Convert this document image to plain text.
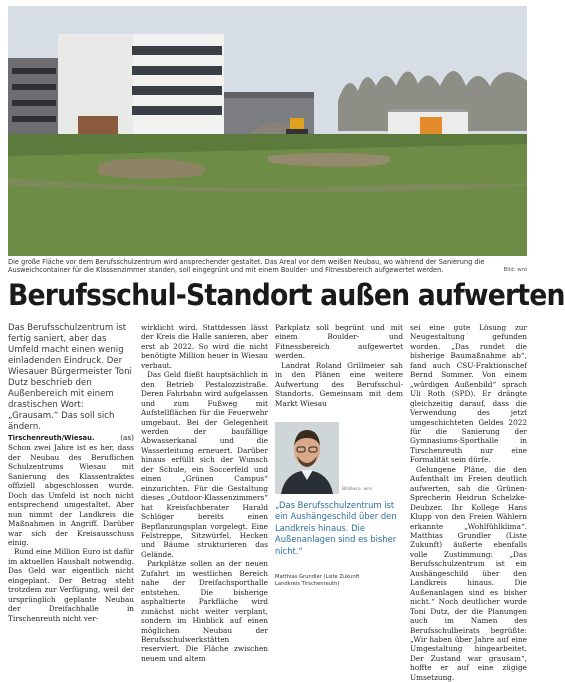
Die große Fläche vor dem Berufsschulzentrum wird ansprechender gestaltet. Das Areal vor dem weißen Neubau, wo während der Sanierung die Ausweichcontainer für die Klassenzimmer standen, soll eingegrünt und mit einem Boulder- und Fitnessbereich aufgewertet werden.	Bild: wro
Berufsschul-Standort außen aufwerten

Das Berufsschulzentrum ist fertig saniert, aber das Umfeld macht einen wenig einladenden Eindruck. Der Wiesauer Bürgermeister Toni Dutz beschrieb den Außenbereich mit einem drastischen Wort: „Grausam.“ Das soll sich ändern.

Tirschenreuth/Wiesau.	(as) Schon zwei Jahre ist es her, dass der Neubau des Beruflichen Schulzentrums Wiesau mit Sanierung des Klassentraktes offiziell abgeschlossen wurde. Doch das Umfeld ist noch nicht entsprechend umgestaltet. Aber nun nimmt der Landkreis die Maßnahmen in Angriff. Darüber war sich der Kreisausschuss einig.

Rund eine Million Euro ist dafür im aktuellen Haushalt notwendig. Das Geld war eigentlich nicht eingeplant. Der Betrag steht trotzdem zur Verfügung, weil der ursprünglich geplante Neubau der Dreifachhalle in Tirschenreuth nicht ver-

wirklicht wird. Stattdessen lässt der Kreis die Halle sanieren, aber erst ab 2022. So wird die nicht benötigte Million heuer in Wiesau verbaut.

Das Geld fließt hauptsächlich in den Betrieb Pestalozzistraße. Deren Fahrbahn wird aufgelassen und zum Fußweg mit Aufstellflächen für die Feuerwehr umgebaut. Bei der Gelegenheit werden der baufällige Abwasserkanal und die Wasserleitung erneuert. Darüber hinaus erfüllt sich der Wunsch der Schule, ein Soccerfeld und einen „Grünen Campus“ einzurichten. Für die Gestaltung dieses „Outdoor-Klassenzimmers“ hat Kreisfachberater Harald Schlöger bereits einen Bepflanzungsplan vorgelegt. Eine Felstreppe, Sitzwürfel, Hecken und Bäume strukturieren das Gelände.

Parkplätze sollen an der neuen Zufahrt im westlichen Bereich nahe der Dreifachsporthalle entstehen. Die bisherige asphaltierte Parkfläche wird zunächst nicht weiter verplant, sondern im Hinblick auf einen möglichen Neubau der Berufsschulwerkstätten reserviert. Die Fläche zwischen neuem und altem

Parkplatz soll begrünt und mit einem Boulder- und Fitnessbereich aufgewertet werden.

Landrat Roland Grillmeier sah in den Plänen eine weitere Aufwertung des Berufsschul-Standorts. Gemeinsam mit dem Markt Wiesau

Bild/wro: wro
„Das Berufsschulzentrum ist ein Aushängeschild über den Landkreis hinaus. Die Außenanlagen sind es bisher nicht.“
Matthias Grundler (Liste Zukunft
Landkreis Tirschenreuth)

sei eine gute Lösung zur Neugestaltung gefunden worden. „Das rundet die bisherige Baumaßnahme ab“, fand auch CSU-Fraktionschef Bernd Sommer. Von einem „würdigen Außenbild“ sprach Uli Roth (SPD). Er drängte gleichzeitig darauf, dass die Verwendung des jetzt umgeschichteten Geldes 2022 für die Sanierung der Gymnasiums-Sporthalle in Tirschenreuth nur eine Formalität sein dürfe.

Gelungene Pläne, die den Aufenthalt im Freien deutlich aufwerten, sah die Grünen-Sprecherin Heidrun Schelzke-Deubzer. Ihr Kollege Hans Klupp von den Freien Wählern erkannte „Wohlfühlklima“. Matthias Grundler (Liste Zukunft) äußerte ebenfalls volle Zustimmung: „Das Berufsschulzentrum ist ein Aushängeschild über den Landkreis hinaus. Die Außenanlagen sind es bisher nicht.“ Noch deutlicher wurde Toni Dutz, der die Planungen auch im Namen des Berufsschulbeirats begrüßte: „Wir haben über Jahre auf eine Umgestaltung hingearbeitet. Der Zustand war grausam“, hoffte er auf eine zügige Umsetzung.
